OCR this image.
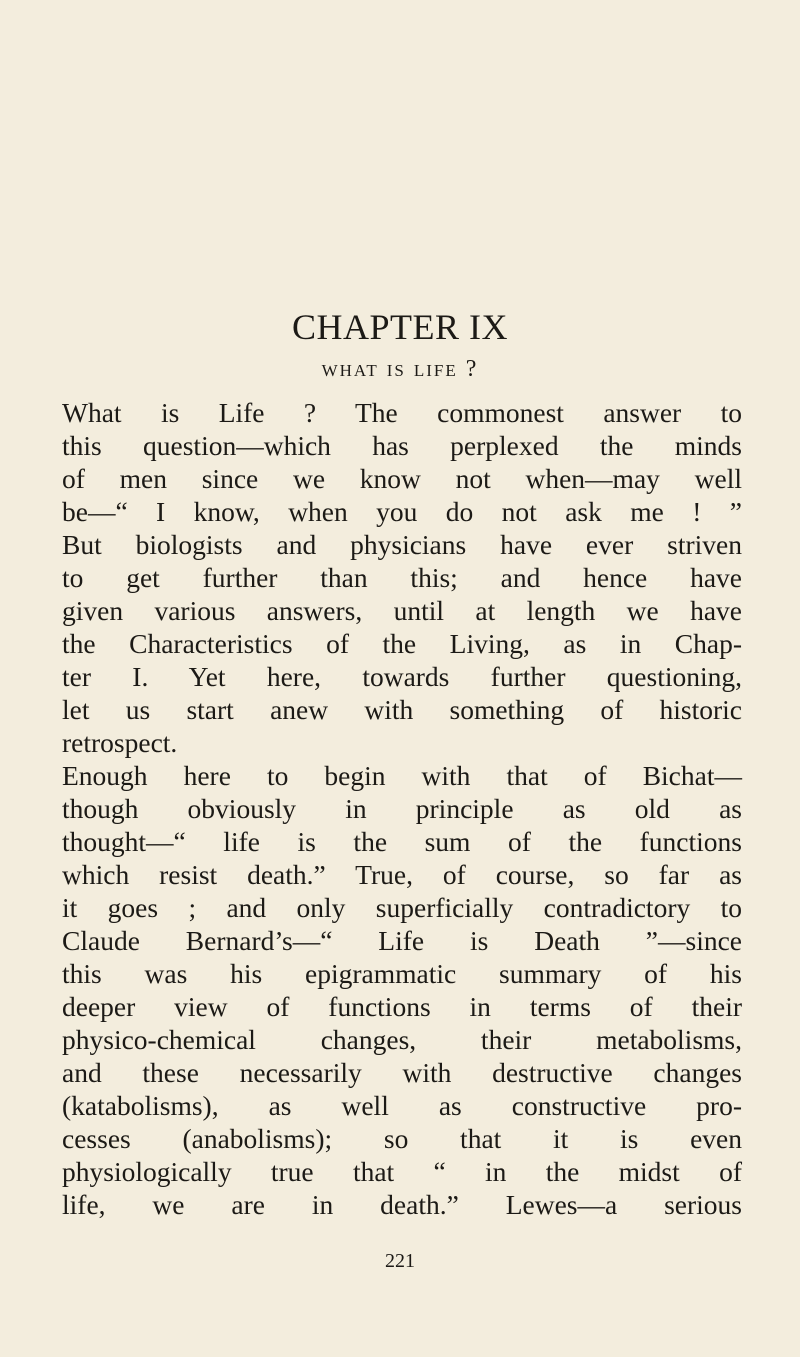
CHAPTER IX
what is life ?
What is Life ? The commonest answer to
this question—which has perplexed the minds
of men since we know not when—may well
be—“ I know, when you do not ask me ! ”
But biologists and physicians have ever striven
to get further than this; and hence have
given various answers, until at length we have
the Characteristics of the Living, as in Chap-
ter I. Yet here, towards further questioning,
let us start anew with something of historic
retrospect.
Enough here to begin with that of Bichat—
though obviously in principle as old as
thought—“ life is the sum of the functions
which resist death.” True, of course, so far as
it goes ; and only superficially contradictory to
Claude Bernard’s—“ Life is Death ”—since
this was his epigrammatic summary of his
deeper view of functions in terms of their
physico-chemical changes, their metabolisms,
and these necessarily with destructive changes
(katabolisms), as well as constructive pro-
cesses (anabolisms); so that it is even
physiologically true that “ in the midst of
life, we are in death.” Lewes—a serious
221
